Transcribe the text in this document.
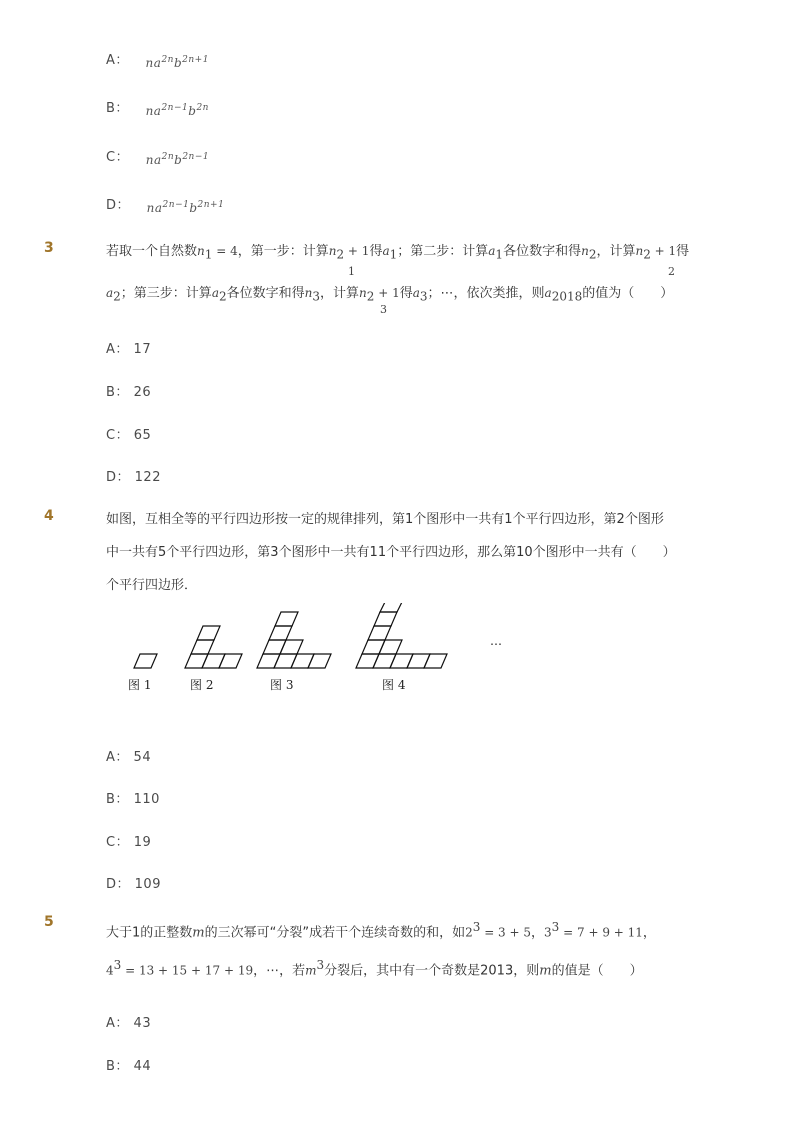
A： $na^{2n}b^{2n+1}$
B： $na^{2n-1}b^{2n}$
C： $na^{2n}b^{2n-1}$
D： $na^{2n-1}b^{2n+1}$
3	若取一个自然数$n_1 = 4$，第一步：计算$n_2 + 1$得$a_1$；第二步：计算$a_1$各位数字和得$n_2$，计算$n_2 + 1$得
1	2
$a_2$；第三步：计算$a_2$各位数字和得$n_3$，计算$n_2 + 1$得$a_3$；⋯，依次类推，则$a_{2018}$的值为（　　）
3
A： 17
B： 26
C： 65
D： 122
4	如图，互相全等的平行四边形按一定的规律排列，第1个图形中一共有1个平行四边形，第2个图形
中一共有5个平行四边形，第3个图形中一共有11个平行四边形，那么第10个图形中一共有（　　）
个平行四边形．
图 1	图 2	图 3	图 4
…
A： 54
B： 110
C： 19
D： 109
5
大于1的正整数m的三次幂可“分裂”成若干个连续奇数的和，如$2^3 = 3 + 5$，$3^3 = 7 + 9 + 11$，
$4^3 = 13 + 15 + 17 + 19$，⋯，若$m^3$分裂后，其中有一个奇数是2013，则m的值是（　　）
A： 43
B： 44
